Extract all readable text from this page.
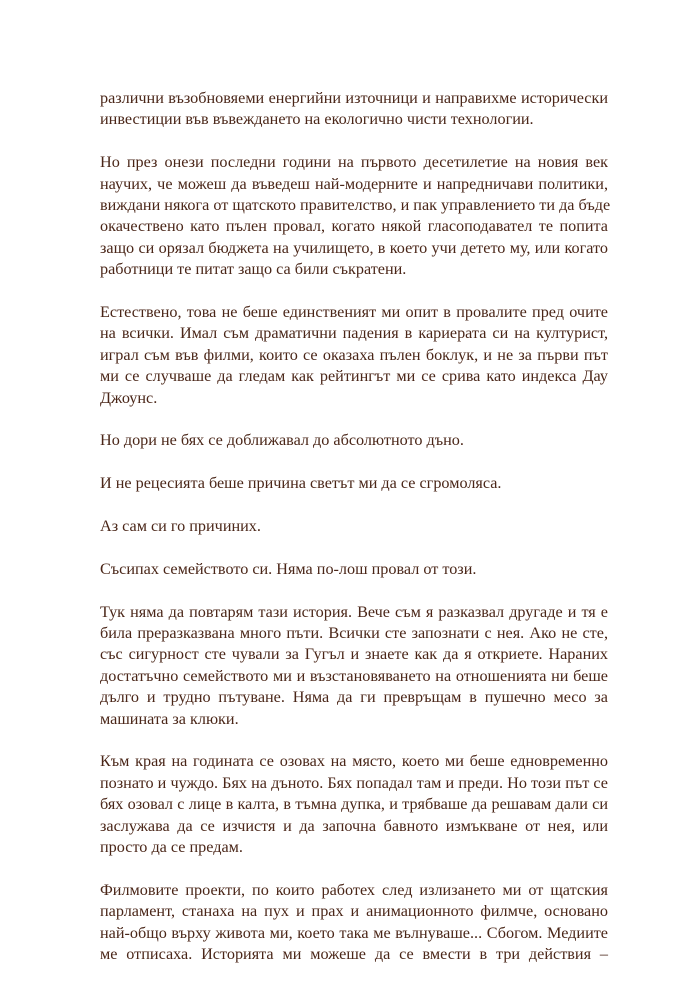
различни възобновяеми енергийни източници и направихме исторически
инвестиции във въвеждането на екологично чисти технологии.

Но през онези последни години на първото десетилетие на новия век
научих, че можеш да въведеш най-модерните и напредничави политики,
виждани някога от щатското правителство, и пак управлението ти да бъде
окачествено като пълен провал, когато някой гласоподавател те попита
защо си орязал бюджета на училището, в което учи детето му, или когато
работници те питат защо са били съкратени.

Естествено, това не беше единственият ми опит в провалите пред очите
на всички. Имал съм драматични падения в кариерата си на културист,
играл съм във филми, които се оказаха пълен боклук, и не за първи път
ми се случваше да гледам как рейтингът ми се срива като индекса Дау
Джоунс.

Но дори не бях се доближавал до абсолютното дъно.

И не рецесията беше причина светът ми да се сгромоляса.

Аз сам си го причиних.

Съсипах семейството си. Няма по-лош провал от този.

Тук няма да повтарям тази история. Вече съм я разказвал другаде и тя е
била преразказвана много пъти. Всички сте запознати с нея. Ако не сте,
със сигурност сте чували за Гугъл и знаете как да я откриете. Нараних
достатъчно семейството ми и възстановяването на отношенията ни беше
дълго и трудно пътуване. Няма да ги превръщам в пушечно месо за
машината за клюки.

Към края на годината се озовах на място, което ми беше едновременно
познато и чуждо. Бях на дъното. Бях попадал там и преди. Но този път се
бях озовал с лице в калта, в тъмна дупка, и трябваше да решавам дали си
заслужава да се изчистя и да започна бавното измъкване от нея, или
просто да се предам.

Филмовите проекти, по които работех след излизането ми от щатския
парламент, станаха на пух и прах и анимационното филмче, основано
най-общо върху живота ми, което така ме вълнуваше... Сбогом. Медиите
ме отписаха. Историята ми можеше да се вмести в три действия –
